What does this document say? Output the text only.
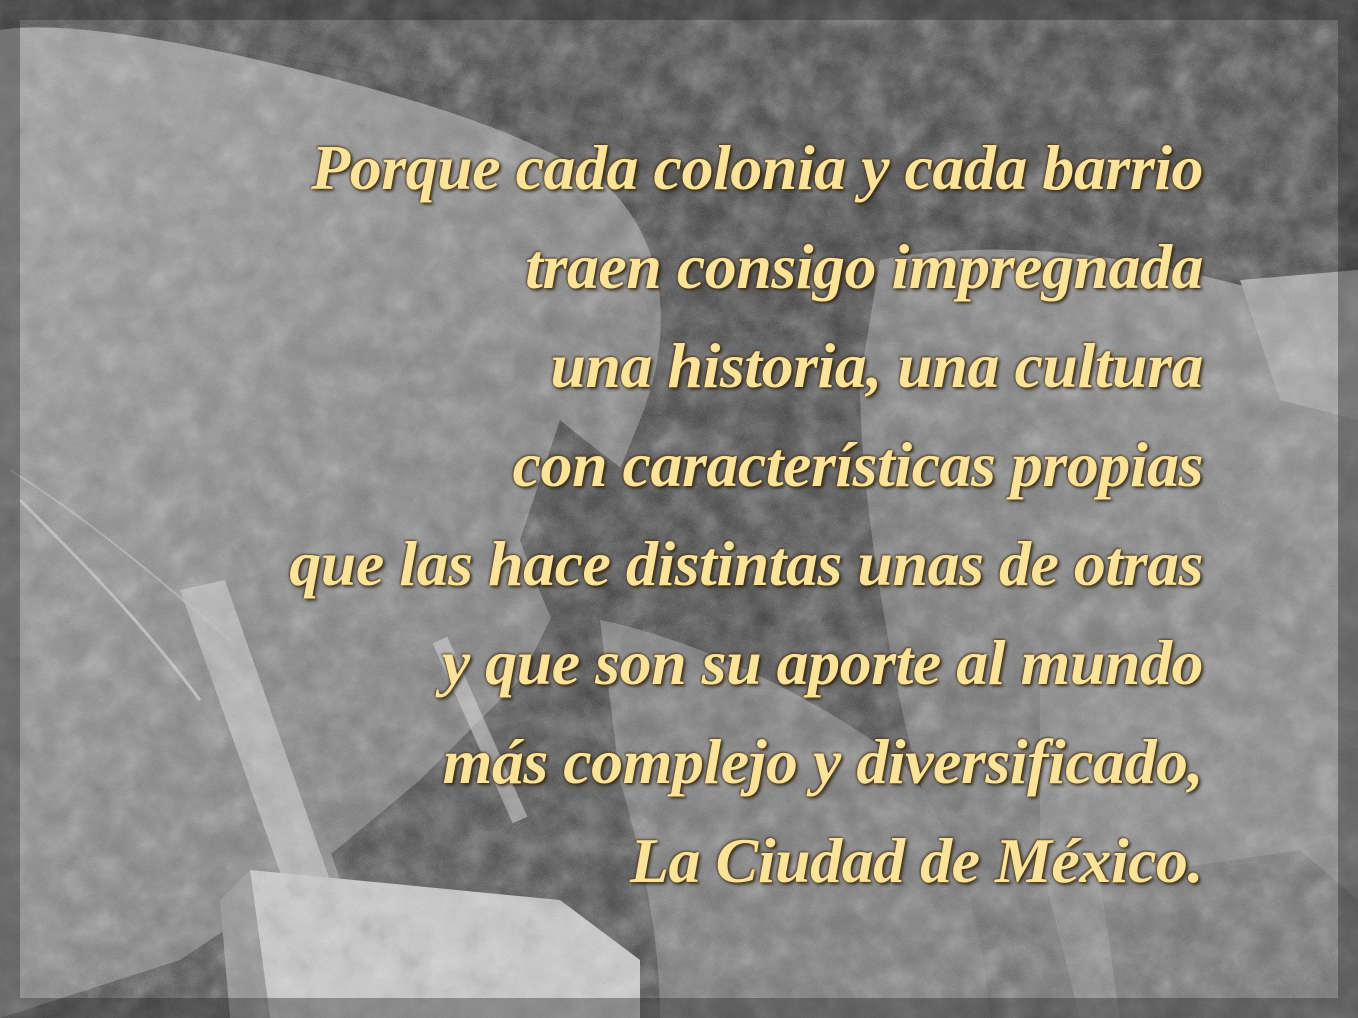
Porque cada colonia y cada barrio
traen consigo impregnada
una historia, una cultura
con características propias
que las hace distintas unas de otras
y que son su aporte al mundo
más complejo y diversificado,
La Ciudad de México.
